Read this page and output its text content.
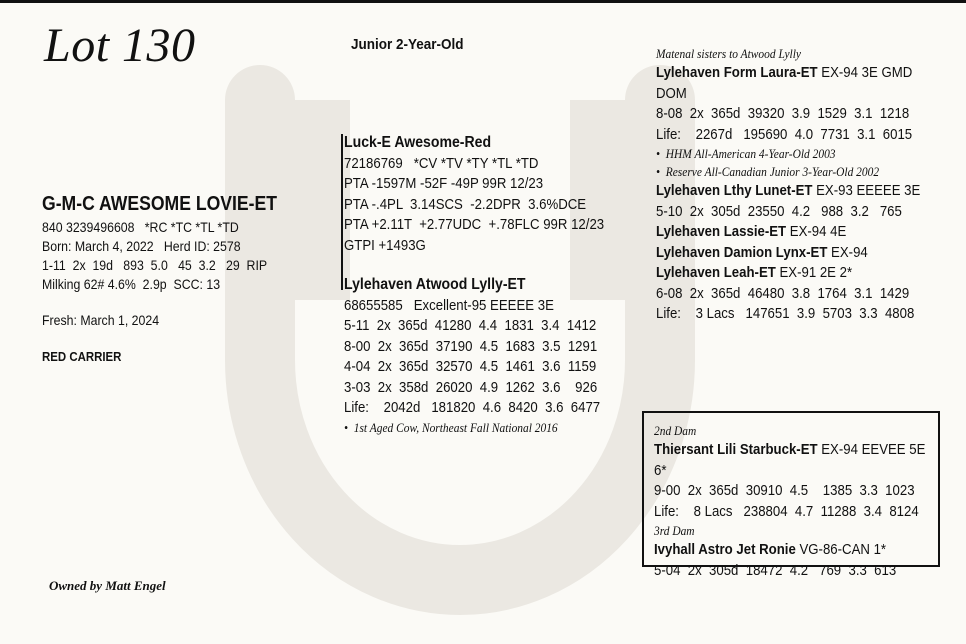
Lot 130	Junior 2-Year-Old
G-M-C AWESOME LOVIE-ET
840 3239496608   *RC *TC *TL *TD
Born: March 4, 2022   Herd ID: 2578
1-11  2x  19d   893  5.0   45  3.2   29  RIP
Milking 62# 4.6%  2.9p  SCC: 13
Fresh: March 1, 2024
RED CARRIER
Luck-E Awesome-Red
72186769   *CV *TV *TY *TL *TD
PTA -1597M -52F -49P 99R 12/23
PTA -.4PL  3.14SCS  -2.2DPR  3.6%DCE
PTA +2.11T  +2.77UDC  +.78FLC 99R 12/23
GTPI +1493G
Lylehaven Atwood Lylly-ET
68655585   Excellent-95 EEEEE 3E
5-11  2x  365d  41280  4.4  1831  3.4  1412
8-00  2x  365d  37190  4.5  1683  3.5  1291
4-04  2x  365d  32570  4.5  1461  3.6  1159
3-03  2x  358d  26020  4.9  1262  3.6    926
Life:    2042d   181820  4.6  8420  3.6  6477
•  1st Aged Cow, Northeast Fall National 2016
Matenal sisters to Atwood Lylly
Lylehaven Form Laura-ET EX-94 3E GMD DOM
8-08  2x  365d  39320  3.9  1529  3.1  1218
Life:    2267d   195690  4.0  7731  3.1  6015
•  HHM All-American 4-Year-Old 2003
•  Reserve All-Canadian Junior 3-Year-Old 2002
Lylehaven Lthy Lunet-ET EX-93 EEEEE 3E
5-10  2x  305d  23550  4.2   988  3.2   765
Lylehaven Lassie-ET EX-94 4E
Lylehaven Damion Lynx-ET EX-94
Lylehaven Leah-ET EX-91 2E 2*
6-08  2x  365d  46480  3.8  1764  3.1  1429
Life:    3 Lacs   147651  3.9  5703  3.3  4808
2nd Dam
Thiersant Lili Starbuck-ET EX-94 EEVEE 5E 6*
9-00  2x  365d  30910  4.5    1385  3.3  1023
Life:    8 Lacs   238804  4.7  11288  3.4  8124
3rd Dam
Ivyhall Astro Jet Ronie VG-86-CAN 1*
5-04  2x  305d  18472  4.2   769  3.3  613
Owned by Matt Engel
